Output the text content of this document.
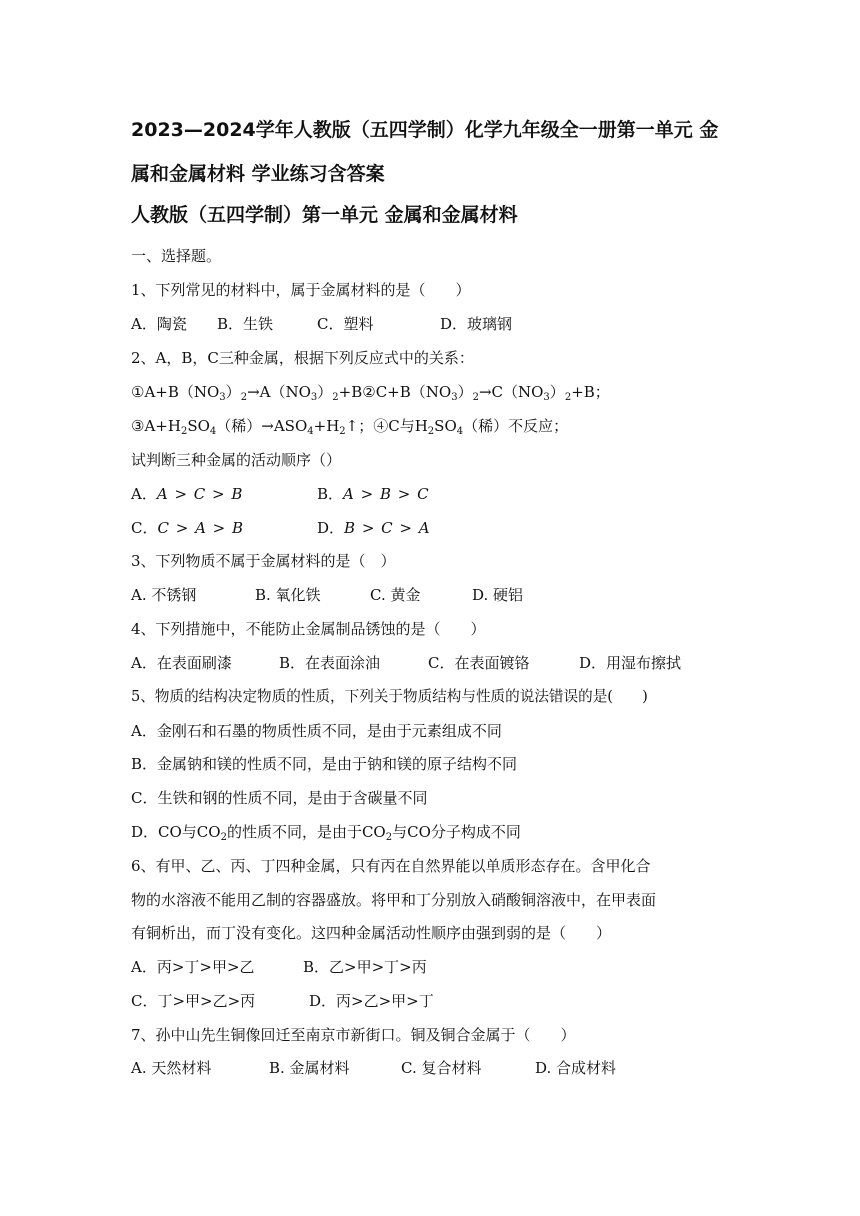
2023—2024学年人教版（五四学制）化学九年级全一册第一单元 金
属和金属材料 学业练习含答案
人教版（五四学制）第一单元 金属和金属材料
一、选择题。
1、下列常见的材料中，属于金属材料的是（　　）
A．陶瓷 B．生铁	C．塑料	D．玻璃钢
2、A，B，C三种金属，根据下列反应式中的关系：
$①A+B(NO_3)_2\to A(NO_3)_2+B②C+B(NO_3)_2\to C(NO_3)_2+B$；
$③A+H_2SO_4$（稀）$\to ASO_4+H_2↑$；④C与$H_2SO_4$（稀）不反应；
试判断三种金属的活动顺序（）
A．A > C > B	B．A > B > C
C．C > A > B	D．B > C > A
3、下列物质不属于金属材料的是（　）
A. 不锈钢	B. 氧化铁	C. 黄金	D. 硬铝
4、下列措施中，不能防止金属制品锈蚀的是（　　）
A．在表面刷漆	B．在表面涂油	C．在表面镀铬	D．用湿布擦拭
5、物质的结构决定物质的性质，下列关于物质结构与性质的说法错误的是(　　)
A．金刚石和石墨的物质性质不同，是由于元素组成不同
B．金属钠和镁的性质不同，是由于钠和镁的原子结构不同
C．生铁和钢的性质不同，是由于含碳量不同
D．CO与$CO_2$的性质不同，是由于$CO_2$与CO分子构成不同
6、有甲、乙、丙、丁四种金属，只有丙在自然界能以单质形态存在。含甲化合
物的水溶液不能用乙制的容器盛放。将甲和丁分别放入硝酸铜溶液中，在甲表面
有铜析出，而丁没有变化。这四种金属活动性顺序由强到弱的是（　　）
A．丙>丁>甲>乙	B．乙>甲>丁>丙
C．丁>甲>乙>丙	D．丙>乙>甲>丁
7、孙中山先生铜像回迁至南京市新街口。铜及铜合金属于（　　）
A. 天然材料	B. 金属材料	C. 复合材料	D. 合成材料
